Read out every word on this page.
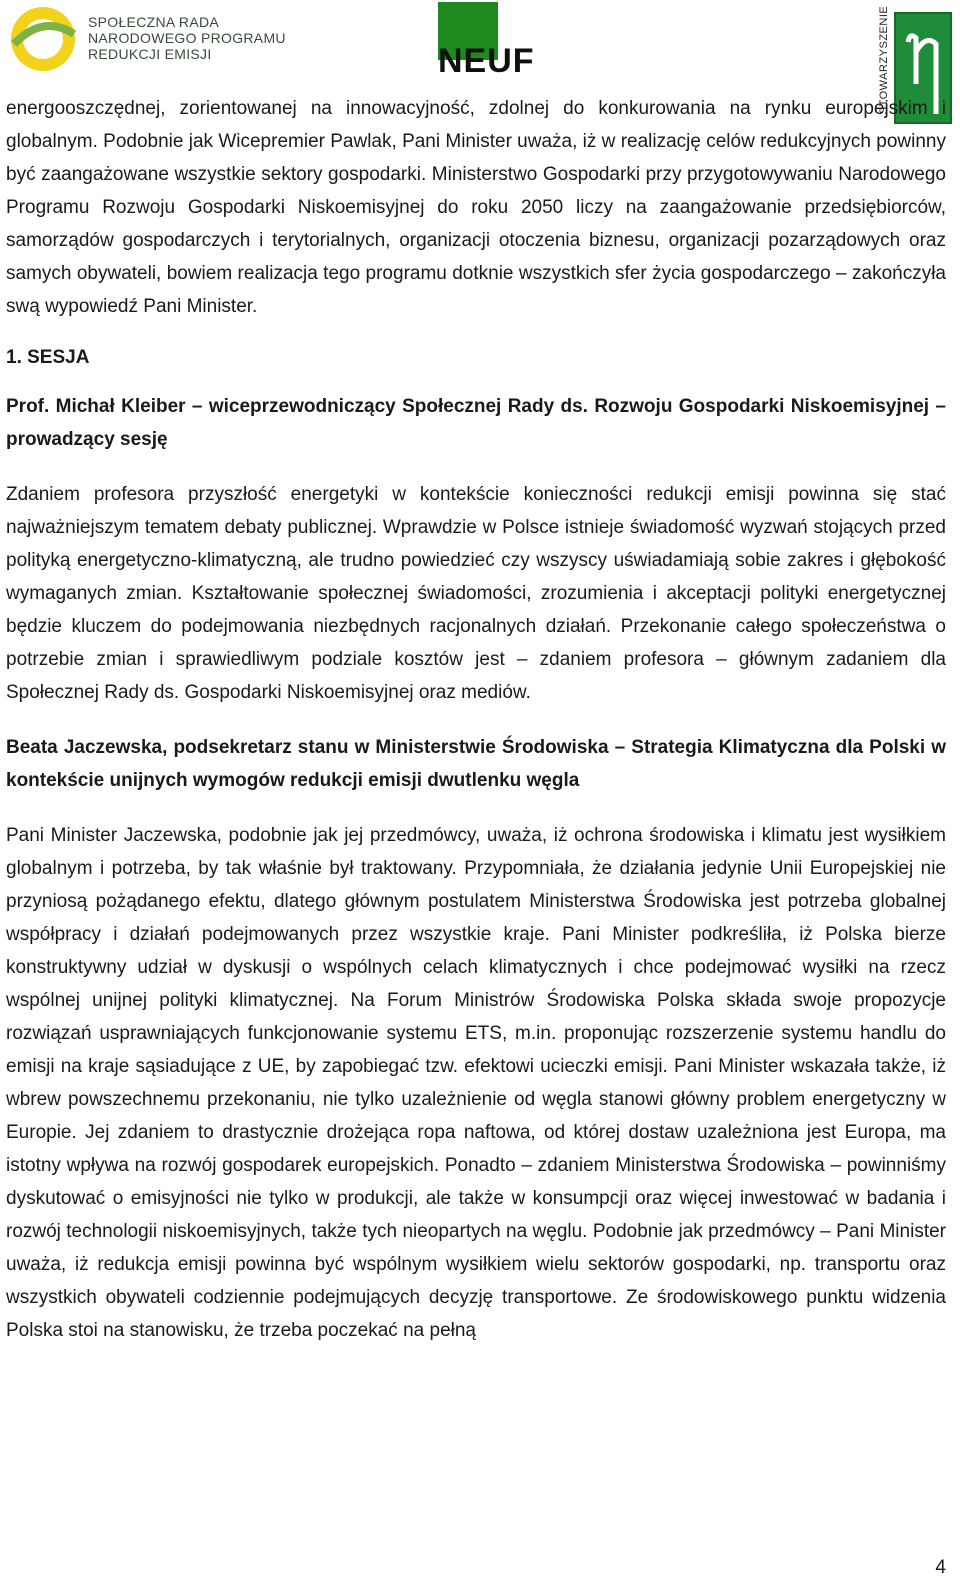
SPOŁECZNA RADA
NARODOWEGO PROGRAMU
REDUKCJI EMISJI	NEUF	STOWARZYSZENIE

energooszczędnej, zorientowanej na innowacyjność, zdolnej do konkurowania na rynku europejskim i globalnym. Podobnie jak Wicepremier Pawlak, Pani Minister uważa, iż w realizację celów redukcyjnych powinny być zaangażowane wszystkie sektory gospodarki. Ministerstwo Gospodarki przy przygotowywaniu Narodowego Programu Rozwoju Gospodarki Niskoemisyjnej do roku 2050 liczy na zaangażowanie przedsiębiorców, samorządów gospodarczych i terytorialnych, organizacji otoczenia biznesu, organizacji pozarządowych oraz samych obywateli, bowiem realizacja tego programu dotknie wszystkich sfer życia gospodarczego – zakończyła swą wypowiedź Pani Minister.

1. SESJA

Prof. Michał Kleiber – wiceprzewodniczący Społecznej Rady ds. Rozwoju Gospodarki Niskoemisyjnej – prowadzący sesję

Zdaniem profesora przyszłość energetyki w kontekście konieczności redukcji emisji powinna się stać najważniejszym tematem debaty publicznej. Wprawdzie w Polsce istnieje świadomość wyzwań stojących przed polityką energetyczno-klimatyczną, ale trudno powiedzieć czy wszyscy uświadamiają sobie zakres i głębokość wymaganych zmian. Kształtowanie społecznej świadomości, zrozumienia i akceptacji polityki energetycznej będzie kluczem do podejmowania niezbędnych racjonalnych działań. Przekonanie całego społeczeństwa o potrzebie zmian i sprawiedliwym podziale kosztów jest – zdaniem profesora – głównym zadaniem dla Społecznej Rady ds. Gospodarki Niskoemisyjnej oraz mediów.

Beata Jaczewska, podsekretarz stanu w Ministerstwie Środowiska – Strategia Klimatyczna dla Polski w kontekście unijnych wymogów redukcji emisji dwutlenku węgla

Pani Minister Jaczewska, podobnie jak jej przedmówcy, uważa, iż ochrona środowiska i klimatu jest wysiłkiem globalnym i potrzeba, by tak właśnie był traktowany. Przypomniała, że działania jedynie Unii Europejskiej nie przyniosą pożądanego efektu, dlatego głównym postulatem Ministerstwa Środowiska jest potrzeba globalnej współpracy i działań podejmowanych przez wszystkie kraje. Pani Minister podkreśliła, iż Polska bierze konstruktywny udział w dyskusji o wspólnych celach klimatycznych i chce podejmować wysiłki na rzecz wspólnej unijnej polityki klimatycznej. Na Forum Ministrów Środowiska Polska składa swoje propozycje rozwiązań usprawniających funkcjonowanie systemu ETS, m.in. proponując rozszerzenie systemu handlu do emisji na kraje sąsiadujące z UE, by zapobiegać tzw. efektowi ucieczki emisji. Pani Minister wskazała także, iż wbrew powszechnemu przekonaniu, nie tylko uzależnienie od węgla stanowi główny problem energetyczny w Europie. Jej zdaniem to drastycznie drożejąca ropa naftowa, od której dostaw uzależniona jest Europa, ma istotny wpływa na rozwój gospodarek europejskich. Ponadto – zdaniem Ministerstwa Środowiska – powinniśmy dyskutować o emisyjności nie tylko w produkcji, ale także w konsumpcji oraz więcej inwestować w badania i rozwój technologii niskoemisyjnych, także tych nieopartych na węglu. Podobnie jak przedmówcy – Pani Minister uważa, iż redukcja emisji powinna być wspólnym wysiłkiem wielu sektorów gospodarki, np. transportu oraz wszystkich obywateli codziennie podejmujących decyzję transportowe. Ze środowiskowego punktu widzenia Polska stoi na stanowisku, że trzeba poczekać na pełną

4
